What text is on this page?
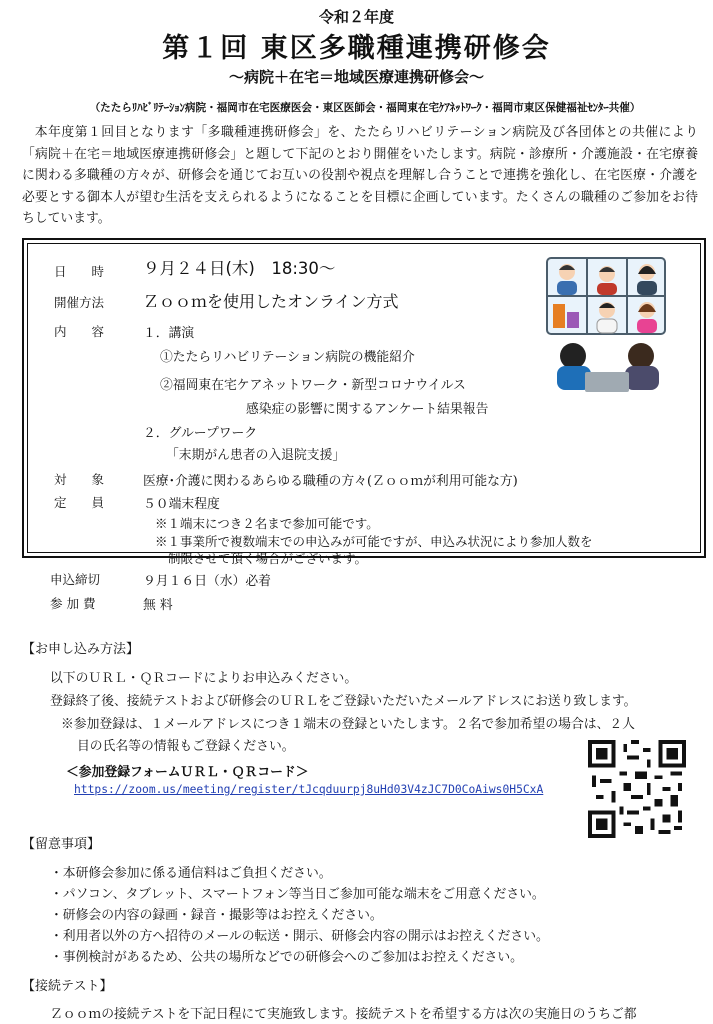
令和２年度
第１回 東区多職種連携研修会
～病院＋在宅＝地域医療連携研修会～
（たたらﾘﾊﾋﾞﾘﾃｰｼｮﾝ病院・福岡市在宅医療医会・東区医師会・福岡東在宅ｹｱﾈｯﾄﾜｰｸ・福岡市東区保健福祉ｾﾝﾀｰ共催）
本年度第１回目となります「多職種連携研修会」を、たたらリハビリテーション病院及び各団体との共催により「病院＋在宅＝地域医療連携研修会」と題して下記のとおり開催をいたします。病院・診療所・介護施設・在宅療養に関わる多職種の方々が、研修会を通じてお互いの役割や視点を理解し合うことで連携を強化し、在宅医療・介護を必要とする御本人が望む生活を支えられるようになることを目標に企画しています。たくさんの職種のご参加をお待ちしています。
日　　時 ９月２４日(木)　18:30～
開催方法 Ｚｏｏｍを使用したオンライン方式
内　　容	１．講演
①たたらリハビリテーション病院の機能紹介
②福岡東在宅ケアネットワーク・新型コロナウイルス
感染症の影響に関するアンケート結果報告
２．グループワーク
「末期がん患者の入退院支援」
対　　象	医療･介護に関わるあらゆる職種の方々(Ｚｏｏｍが利用可能な方)
定　　員	５０端末程度
※１端末につき２名まで参加可能です。
※１事業所で複数端末での申込みが可能ですが、申込み状況により参加人数を
制限させて頂く場合がございます。
申込締切	９月１６日（水）必着
参 加 費	無 料
【お申し込み方法】
以下のＵＲＬ・ＱＲコードによりお申込みください。
登録終了後、接続テストおよび研修会のＵＲＬをご登録いただいたメールアドレスにお送り致します。
※参加登録は、１メールアドレスにつき１端末の登録といたします。２名で参加希望の場合は、２人
目の氏名等の情報もご登録ください。
＜参加登録フォームＵＲＬ・ＱＲコード＞
https://zoom.us/meeting/register/tJcqduurpj8uHd03V4zJC7D0CoAiws0H5CxA
【留意事項】
・本研修会参加に係る通信料はご負担ください。
・パソコン、タブレット、スマートフォン等当日ご参加可能な端末をご用意ください。
・研修会の内容の録画・録音・撮影等はお控えください。
・利用者以外の方へ招待のメールの転送・開示、研修会内容の開示はお控えください。
・事例検討があるため、公共の場所などでの研修会へのご参加はお控えください。
【接続テスト】
Ｚｏｏｍの接続テストを下記日程にて実施致します。接続テストを希望する方は次の実施日のうちご都
